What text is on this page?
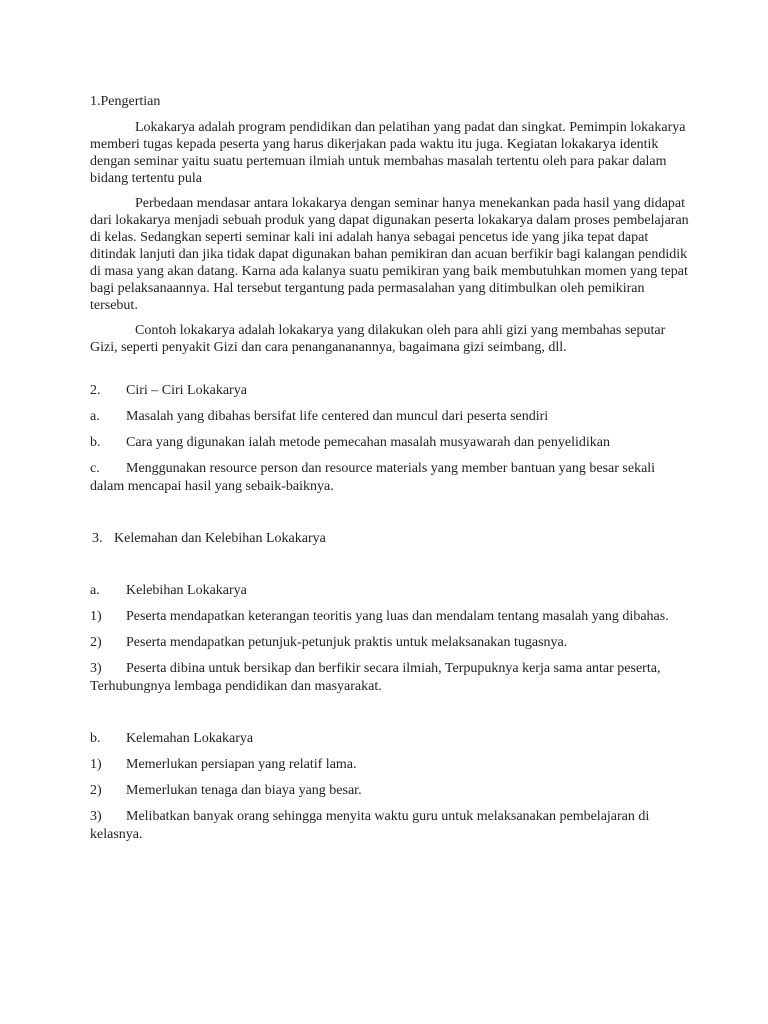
1.Pengertian

Lokakarya adalah program pendidikan dan pelatihan yang padat dan singkat. Pemimpin lokakarya memberi tugas kepada peserta yang harus dikerjakan pada waktu itu juga. Kegiatan lokakarya identik dengan seminar yaitu suatu pertemuan ilmiah untuk membahas masalah tertentu oleh para pakar dalam bidang tertentu pula

Perbedaan mendasar antara lokakarya dengan seminar hanya menekankan pada hasil yang didapat dari lokakarya menjadi sebuah produk yang dapat digunakan peserta lokakarya dalam proses pembelajaran di kelas. Sedangkan seperti seminar kali ini adalah hanya sebagai pencetus ide yang jika tepat dapat ditindak lanjuti dan jika tidak dapat digunakan bahan pemikiran dan acuan berfikir bagi kalangan pendidik di masa yang akan datang. Karna ada kalanya suatu pemikiran yang baik membutuhkan momen yang tepat bagi pelaksanaannya. Hal tersebut tergantung pada permasalahan yang ditimbulkan oleh pemikiran tersebut.

Contoh lokakarya adalah lokakarya yang dilakukan oleh para ahli gizi yang membahas seputar Gizi, seperti penyakit Gizi dan cara penangananannya, bagaimana gizi seimbang, dll.

2. Ciri – Ciri Lokakarya

a. Masalah yang dibahas bersifat life centered dan muncul dari peserta sendiri

b. Cara yang digunakan ialah metode pemecahan masalah musyawarah dan penyelidikan

c. Menggunakan resource person dan resource materials yang member bantuan yang besar sekali dalam mencapai hasil yang sebaik-baiknya.

3. Kelemahan dan Kelebihan Lokakarya

a. Kelebihan Lokakarya

1) Peserta mendapatkan keterangan teoritis yang luas dan mendalam tentang masalah yang dibahas.

2) Peserta mendapatkan petunjuk-petunjuk praktis untuk melaksanakan tugasnya.

3) Peserta dibina untuk bersikap dan berfikir secara ilmiah, Terpupuknya kerja sama antar peserta, Terhubungnya lembaga pendidikan dan masyarakat.

b. Kelemahan Lokakarya

1) Memerlukan persiapan yang relatif lama.

2) Memerlukan tenaga dan biaya yang besar.

3) Melibatkan banyak orang sehingga menyita waktu guru untuk melaksanakan pembelajaran di kelasnya.
